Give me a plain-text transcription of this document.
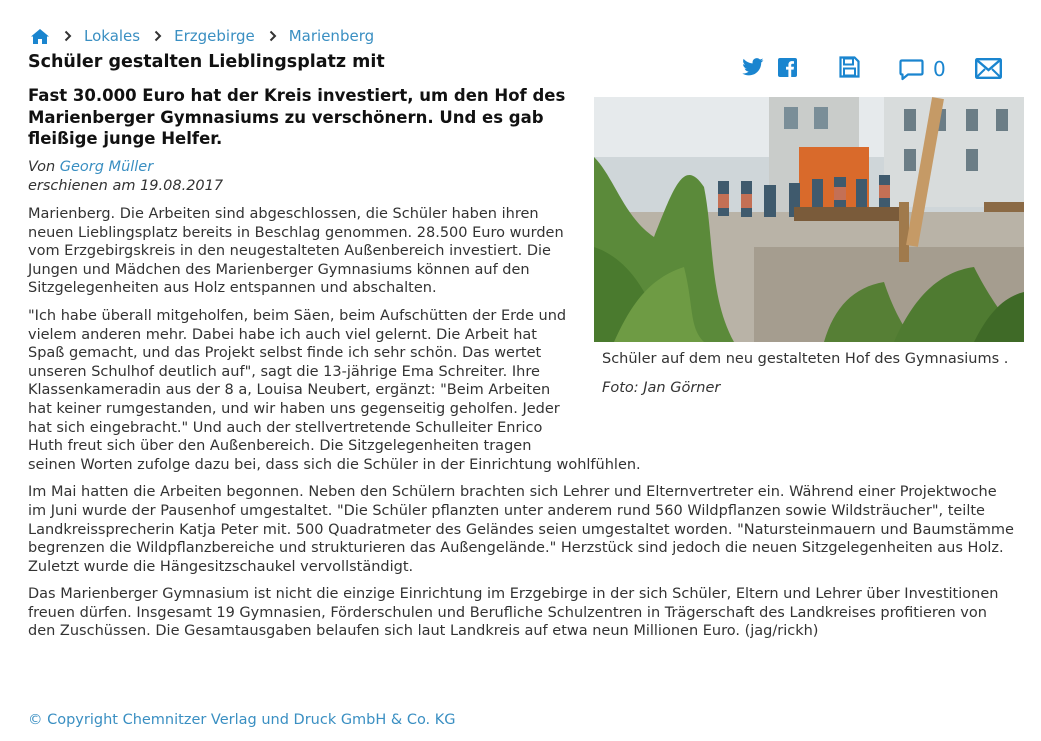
Lokales Erzgebirge Marienberg
Schüler gestalten Lieblingsplatz mit	0
Fast 30.000 Euro hat der Kreis investiert, um den Hof des Marienberger Gymnasiums zu verschönern. Und es gab fleißige junge Helfer.
Von Georg Müller
erschienen am 19.08.2017
Schüler auf dem neu gestalteten Hof des Gymnasiums .
Foto: Jan Görner

Marienberg. Die Arbeiten sind abgeschlossen, die Schüler haben ihren neuen Lieblingsplatz bereits in Beschlag genommen. 28.500 Euro wurden vom Erzgebirgskreis in den neugestalteten Außenbereich investiert. Die Jungen und Mädchen des Marienberger Gymnasiums können auf den Sitzgelegenheiten aus Holz entspannen und abschalten.

"Ich habe überall mitgeholfen, beim Säen, beim Aufschütten der Erde und vielem anderen mehr. Dabei habe ich auch viel gelernt. Die Arbeit hat Spaß gemacht, und das Projekt selbst finde ich sehr schön. Das wertet unseren Schulhof deutlich auf", sagt die 13-jährige Ema Schreiter. Ihre Klassenkameradin aus der 8 a, Louisa Neubert, ergänzt: "Beim Arbeiten hat keiner rumgestanden, und wir haben uns gegenseitig geholfen. Jeder hat sich eingebracht." Und auch der stellvertretende Schulleiter Enrico Huth freut sich über den Außenbereich. Die Sitzgelegenheiten tragen seinen Worten zufolge dazu bei, dass sich die Schüler in der Einrichtung wohlfühlen.

Im Mai hatten die Arbeiten begonnen. Neben den Schülern brachten sich Lehrer und Elternvertreter ein. Während einer Projektwoche im Juni wurde der Pausenhof umgestaltet. "Die Schüler pflanzten unter anderem rund 560 Wildpflanzen sowie Wildsträucher", teilte Landkreissprecherin Katja Peter mit. 500 Quadratmeter des Geländes seien umgestaltet worden. "Natursteinmauern und Baumstämme begrenzen die Wildpflanzbereiche und strukturieren das Außengelände." Herzstück sind jedoch die neuen Sitzgelegenheiten aus Holz. Zuletzt wurde die Hängesitzschaukel vervollständigt.

Das Marienberger Gymnasium ist nicht die einzige Einrichtung im Erzgebirge in der sich Schüler, Eltern und Lehrer über Investitionen freuen dürfen. Insgesamt 19 Gymnasien, Förderschulen und Berufliche Schulzentren in Trägerschaft des Landkreises profitieren von den Zuschüssen. Die Gesamtausgaben belaufen sich laut Landkreis auf etwa neun Millionen Euro. (jag/rickh)

© Copyright Chemnitzer Verlag und Druck GmbH & Co. KG
